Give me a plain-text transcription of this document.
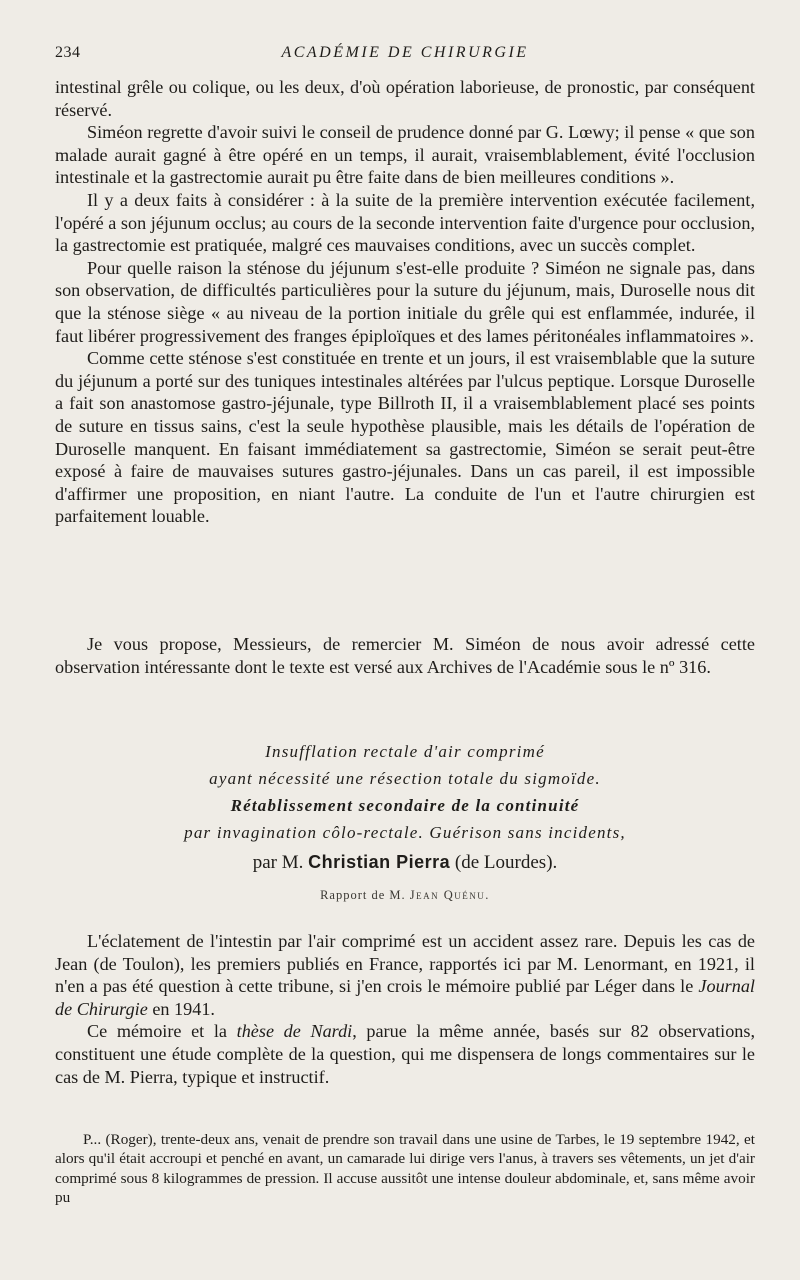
234	ACADÉMIE DE CHIRURGIE

intestinal grêle ou colique, ou les deux, d'où opération laborieuse, de pronostic, par conséquent réservé.

Siméon regrette d'avoir suivi le conseil de prudence donné par G. Lœwy; il pense « que son malade aurait gagné à être opéré en un temps, il aurait, vraisemblablement, évité l'occlusion intestinale et la gastrectomie aurait pu être faite dans de bien meilleures conditions ».

Il y a deux faits à considérer : à la suite de la première intervention exécutée facilement, l'opéré a son jéjunum occlus; au cours de la seconde intervention faite d'urgence pour occlusion, la gastrectomie est pratiquée, malgré ces mauvaises conditions, avec un succès complet.

Pour quelle raison la sténose du jéjunum s'est-elle produite ? Siméon ne signale pas, dans son observation, de difficultés particulières pour la suture du jéjunum, mais, Duroselle nous dit que la sténose siège « au niveau de la portion initiale du grêle qui est enflammée, indurée, il faut libérer progressivement des franges épiploïques et des lames péritonéales inflammatoires ».

Comme cette sténose s'est constituée en trente et un jours, il est vraisemblable que la suture du jéjunum a porté sur des tuniques intestinales altérées par l'ulcus peptique. Lorsque Duroselle a fait son anastomose gastro-jéjunale, type Billroth II, il a vraisemblablement placé ses points de suture en tissus sains, c'est la seule hypothèse plausible, mais les détails de l'opération de Duroselle manquent. En faisant immédiatement sa gastrectomie, Siméon se serait peut-être exposé à faire de mauvaises sutures gastro-jéjunales. Dans un cas pareil, il est impossible d'affirmer une proposition, en niant l'autre. La conduite de l'un et l'autre chirurgien est parfaitement louable.

Je vous propose, Messieurs, de remercier M. Siméon de nous avoir adressé cette observation intéressante dont le texte est versé aux Archives de l'Académie sous le nº 316.

Insufflation rectale d'air comprimé
ayant nécessité une résection totale du sigmoïde.
Rétablissement secondaire de la continuité
par invagination côlo-rectale. Guérison sans incidents,
par M. Christian Pierra (de Lourdes).
Rapport de M. Jean Quénu.

L'éclatement de l'intestin par l'air comprimé est un accident assez rare. Depuis les cas de Jean (de Toulon), les premiers publiés en France, rapportés ici par M. Lenormant, en 1921, il n'en a pas été question à cette tribune, si j'en crois le mémoire publié par Léger dans le Journal de Chirurgie en 1941.

Ce mémoire et la thèse de Nardi, parue la même année, basés sur 82 observations, constituent une étude complète de la question, qui me dispensera de longs commentaires sur le cas de M. Pierra, typique et instructif.

P... (Roger), trente-deux ans, venait de prendre son travail dans une usine de Tarbes, le 19 septembre 1942, et alors qu'il était accroupi et penché en avant, un camarade lui dirige vers l'anus, à travers ses vêtements, un jet d'air comprimé sous 8 kilogrammes de pression. Il accuse aussitôt une intense douleur abdominale, et, sans même avoir pu
